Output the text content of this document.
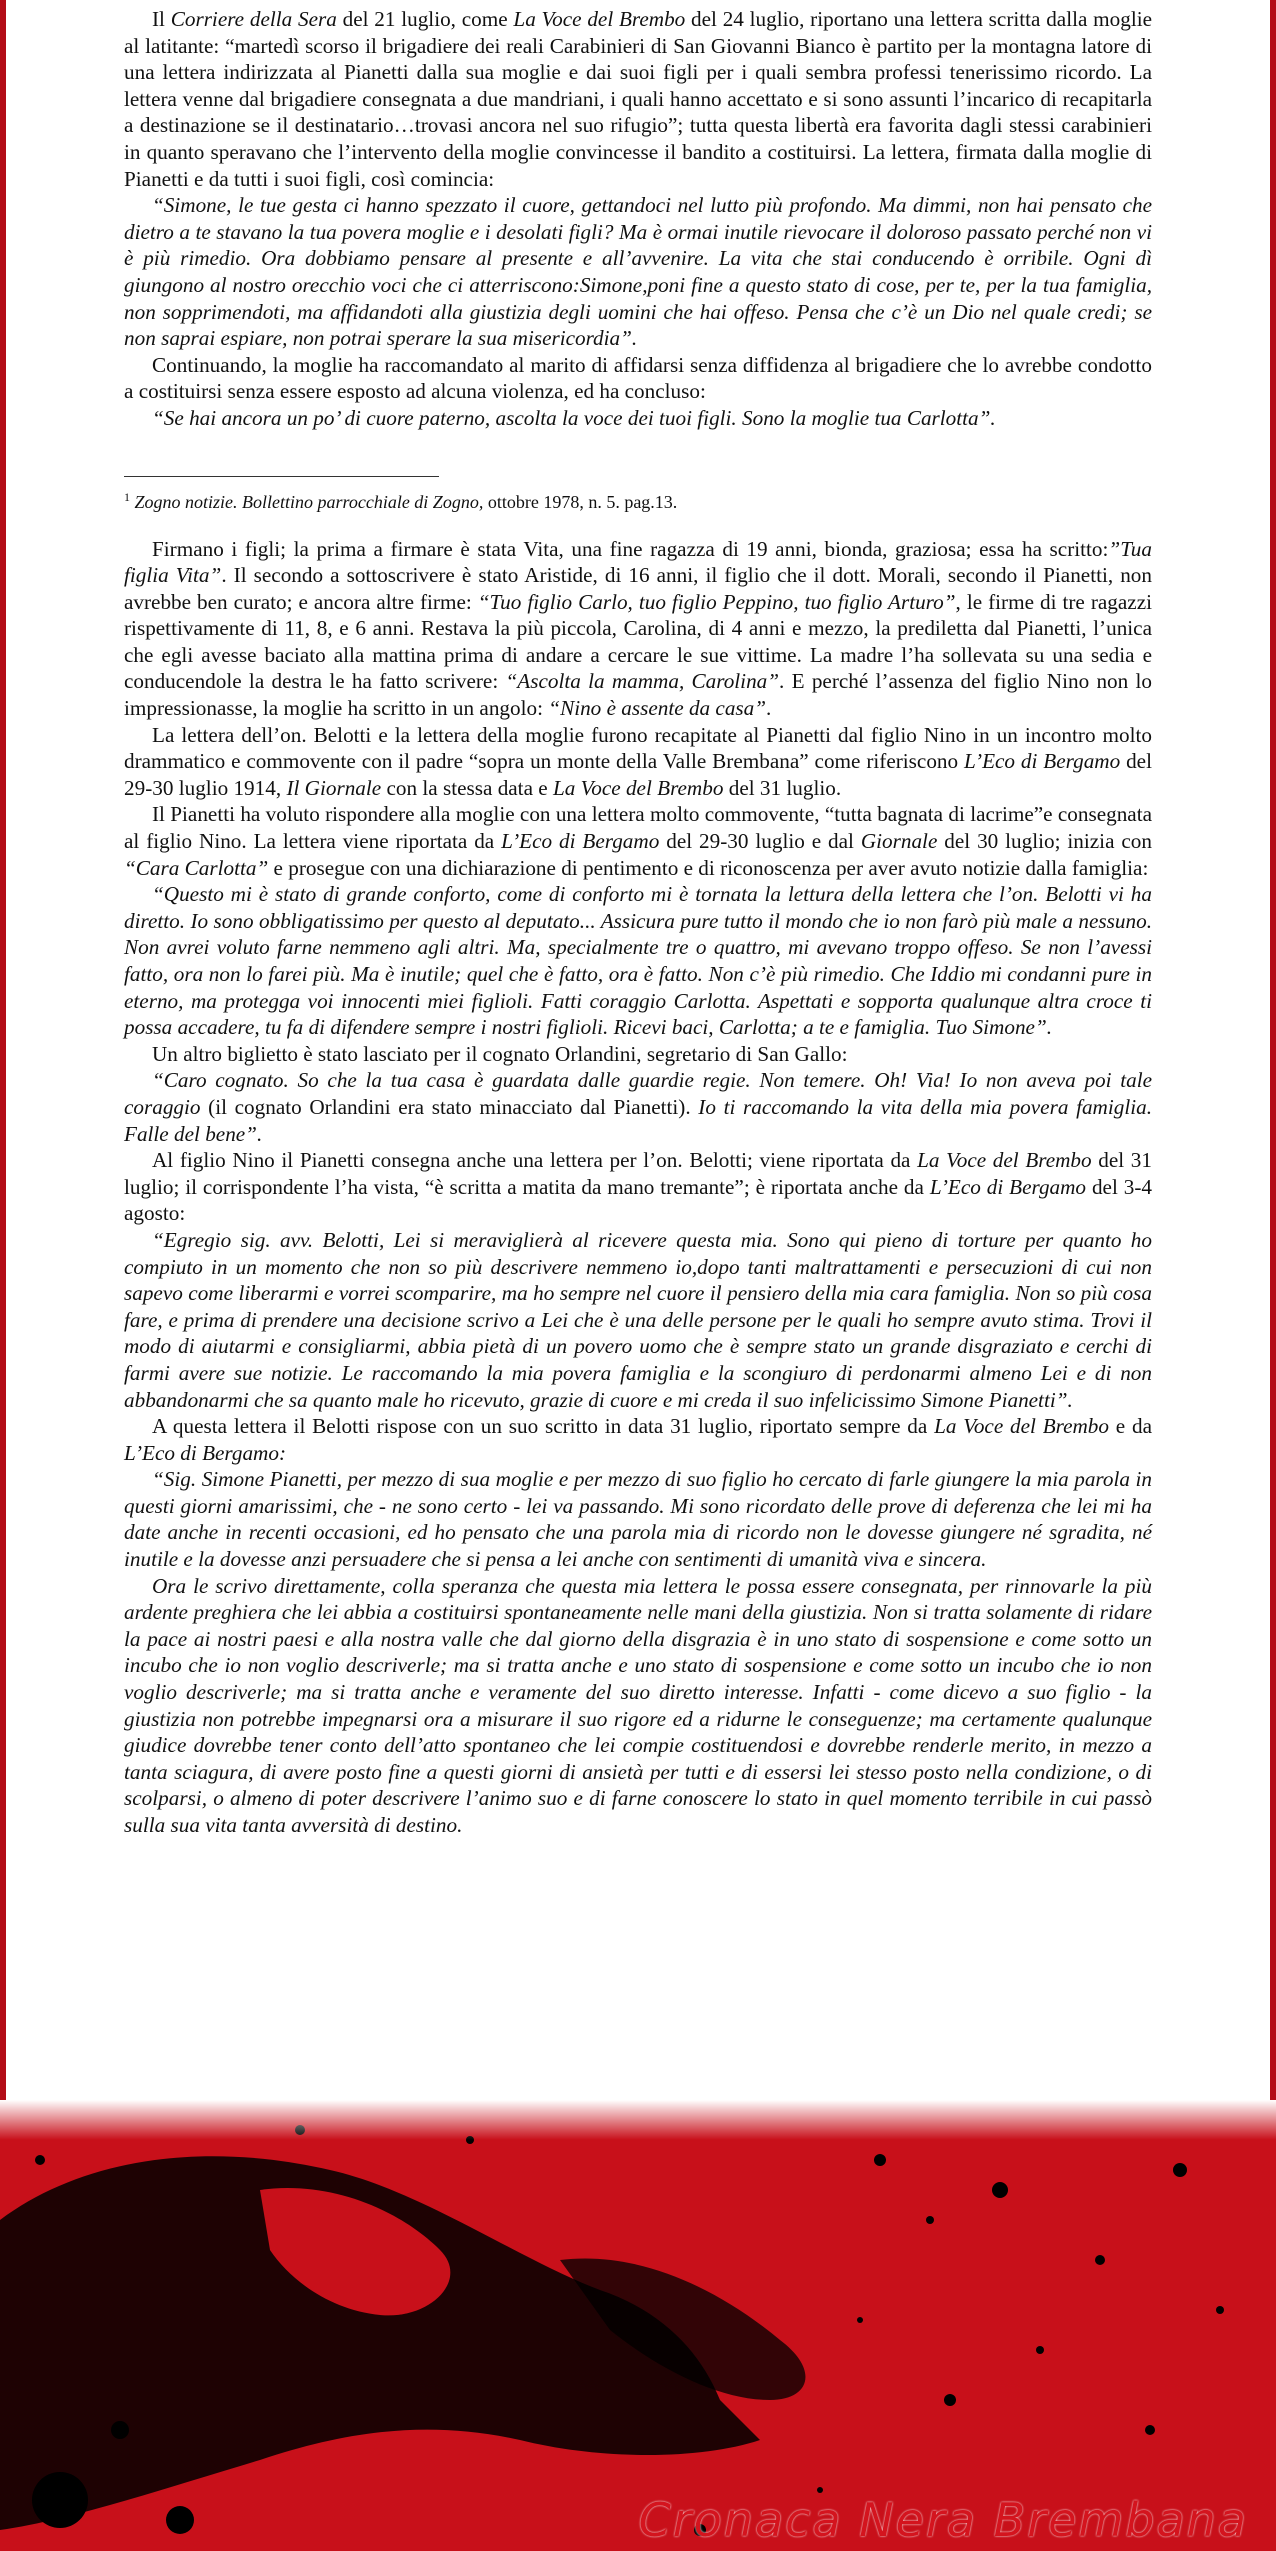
Il Corriere della Sera del 21 luglio, come La Voce del Brembo del 24 luglio, riportano una lettera scritta dalla moglie al latitante: “martedì scorso il brigadiere dei reali Carabinieri di San Giovanni Bianco è partito per la montagna latore di una lettera indirizzata al Pianetti dalla sua moglie e dai suoi figli per i quali sembra professi tenerissimo ricordo. La lettera venne dal brigadiere consegnata a due mandriani, i quali hanno accettato e si sono assunti l’incarico di recapitarla a destinazione se il destinatario…trovasi ancora nel suo rifugio”; tutta questa libertà era favorita dagli stessi carabinieri in quanto speravano che l’intervento della moglie convincesse il bandito a costituirsi. La lettera, firmata dalla moglie di Pianetti e da tutti i suoi figli, così comincia:

“Simone, le tue gesta ci hanno spezzato il cuore, gettandoci nel lutto più profondo. Ma dimmi, non hai pensato che dietro a te stavano la tua povera moglie e i desolati figli? Ma è ormai inutile rievocare il doloroso passato perché non vi è più rimedio. Ora dobbiamo pensare al presente e all’avvenire. La vita che stai conducendo è orribile. Ogni dì giungono al nostro orecchio voci che ci atterriscono:Simone,poni fine a questo stato di cose, per te, per la tua famiglia, non sopprimendoti, ma affidandoti alla giustizia degli uomini che hai offeso. Pensa che c’è un Dio nel quale credi; se non saprai espiare, non potrai sperare la sua misericordia”.

Continuando, la moglie ha raccomandato al marito di affidarsi senza diffidenza al brigadiere che lo avrebbe condotto a costituirsi senza essere esposto ad alcuna violenza, ed ha concluso:

“Se hai ancora un po’ di cuore paterno, ascolta la voce dei tuoi figli. Sono la moglie tua Carlotta”.

$^1$ Zogno notizie. Bollettino parrocchiale di Zogno, ottobre 1978, n. 5. pag.13.

Firmano i figli; la prima a firmare è stata Vita, una fine ragazza di 19 anni, bionda, graziosa; essa ha scritto:”Tua figlia Vita”. Il secondo a sottoscrivere è stato Aristide, di 16 anni, il figlio che il dott. Morali, secondo il Pianetti, non avrebbe ben curato; e ancora altre firme: “Tuo figlio Carlo, tuo figlio Peppino, tuo figlio Arturo”, le firme di tre ragazzi rispettivamente di 11, 8, e 6 anni. Restava la più piccola, Carolina, di 4 anni e mezzo, la prediletta dal Pianetti, l’unica che egli avesse baciato alla mattina prima di andare a cercare le sue vittime. La madre l’ha sollevata su una sedia e conducendole la destra le ha fatto scrivere: “Ascolta la mamma, Carolina”. E perché l’assenza del figlio Nino non lo impressionasse, la moglie ha scritto in un angolo: “Nino è assente da casa”.

La lettera dell’on. Belotti e la lettera della moglie furono recapitate al Pianetti dal figlio Nino in un incontro molto drammatico e commovente con il padre “sopra un monte della Valle Brembana” come riferiscono L’Eco di Bergamo del 29-30 luglio 1914, Il Giornale con la stessa data e La Voce del Brembo del 31 luglio.

Il Pianetti ha voluto rispondere alla moglie con una lettera molto commovente, “tutta bagnata di lacrime”e consegnata al figlio Nino. La lettera viene riportata da L’Eco di Bergamo del 29-30 luglio e dal Giornale del 30 luglio; inizia con “Cara Carlotta” e prosegue con una dichiarazione di pentimento e di riconoscenza per aver avuto notizie dalla famiglia:

“Questo mi è stato di grande conforto, come di conforto mi è tornata la lettura della lettera che l’on. Belotti vi ha diretto. Io sono obbligatissimo per questo al deputato... Assicura pure tutto il mondo che io non farò più male a nessuno. Non avrei voluto farne nemmeno agli altri. Ma, specialmente tre o quattro, mi avevano troppo offeso. Se non l’avessi fatto, ora non lo farei più. Ma è inutile; quel che è fatto, ora è fatto. Non c’è più rimedio. Che Iddio mi condanni pure in eterno, ma protegga voi innocenti miei figlioli. Fatti coraggio Carlotta. Aspettati e sopporta qualunque altra croce ti possa accadere, tu fa di difendere sempre i nostri figlioli. Ricevi baci, Carlotta; a te e famiglia. Tuo Simone”.

Un altro biglietto è stato lasciato per il cognato Orlandini, segretario di San Gallo:

“Caro cognato. So che la tua casa è guardata dalle guardie regie. Non temere. Oh! Via! Io non aveva poi tale coraggio (il cognato Orlandini era stato minacciato dal Pianetti). Io ti raccomando la vita della mia povera famiglia. Falle del bene”.

Al figlio Nino il Pianetti consegna anche una lettera per l’on. Belotti; viene riportata da La Voce del Brembo del 31 luglio; il corrispondente l’ha vista, “è scritta a matita da mano tremante”; è riportata anche da L’Eco di Bergamo del 3-4 agosto:

“Egregio sig. avv. Belotti, Lei si meraviglierà al ricevere questa mia. Sono qui pieno di torture per quanto ho compiuto in un momento che non so più descrivere nemmeno io,dopo tanti maltrattamenti e persecuzioni di cui non sapevo come liberarmi e vorrei scomparire, ma ho sempre nel cuore il pensiero della mia cara famiglia. Non so più cosa fare, e prima di prendere una decisione scrivo a Lei che è una delle persone per le quali ho sempre avuto stima. Trovi il modo di aiutarmi e consigliarmi, abbia pietà di un povero uomo che è sempre stato un grande disgraziato e cerchi di farmi avere sue notizie. Le raccomando la mia povera famiglia e la scongiuro di perdonarmi almeno Lei e di non abbandonarmi che sa quanto male ho ricevuto, grazie di cuore e mi creda il suo infelicissimo Simone Pianetti”.

A questa lettera il Belotti rispose con un suo scritto in data 31 luglio, riportato sempre da La Voce del Brembo e da L’Eco di Bergamo:

“Sig. Simone Pianetti, per mezzo di sua moglie e per mezzo di suo figlio ho cercato di farle giungere la mia parola in questi giorni amarissimi, che - ne sono certo - lei va passando. Mi sono ricordato delle prove di deferenza che lei mi ha date anche in recenti occasioni, ed ho pensato che una parola mia di ricordo non le dovesse giungere né sgradita, né inutile e la dovesse anzi persuadere che si pensa a lei anche con sentimenti di umanità viva e sincera.

Ora le scrivo direttamente, colla speranza che questa mia lettera le possa essere consegnata, per rinnovarle la più ardente preghiera che lei abbia a costituirsi spontaneamente nelle mani della giustizia. Non si tratta solamente di ridare la pace ai nostri paesi e alla nostra valle che dal giorno della disgrazia è in uno stato di sospensione e come sotto un incubo che io non voglio descriverle; ma si tratta anche e uno stato di sospensione e come sotto un incubo che io non voglio descriverle; ma si tratta anche e veramente del suo diretto interesse. Infatti - come dicevo a suo figlio - la giustizia non potrebbe impegnarsi ora a misurare il suo rigore ed a ridurne le conseguenze; ma certamente qualunque giudice dovrebbe tener conto dell’atto spontaneo che lei compie costituendosi e dovrebbe renderle merito, in mezzo a tanta sciagura, di avere posto fine a questi giorni di ansietà per tutti e di essersi lei stesso posto nella condizione, o di scolparsi, o almeno di poter descrivere l’animo suo e di farne conoscere lo stato in quel momento terribile in cui passò sulla sua vita tanta avversità di destino.

Cronaca Nera Brembana
